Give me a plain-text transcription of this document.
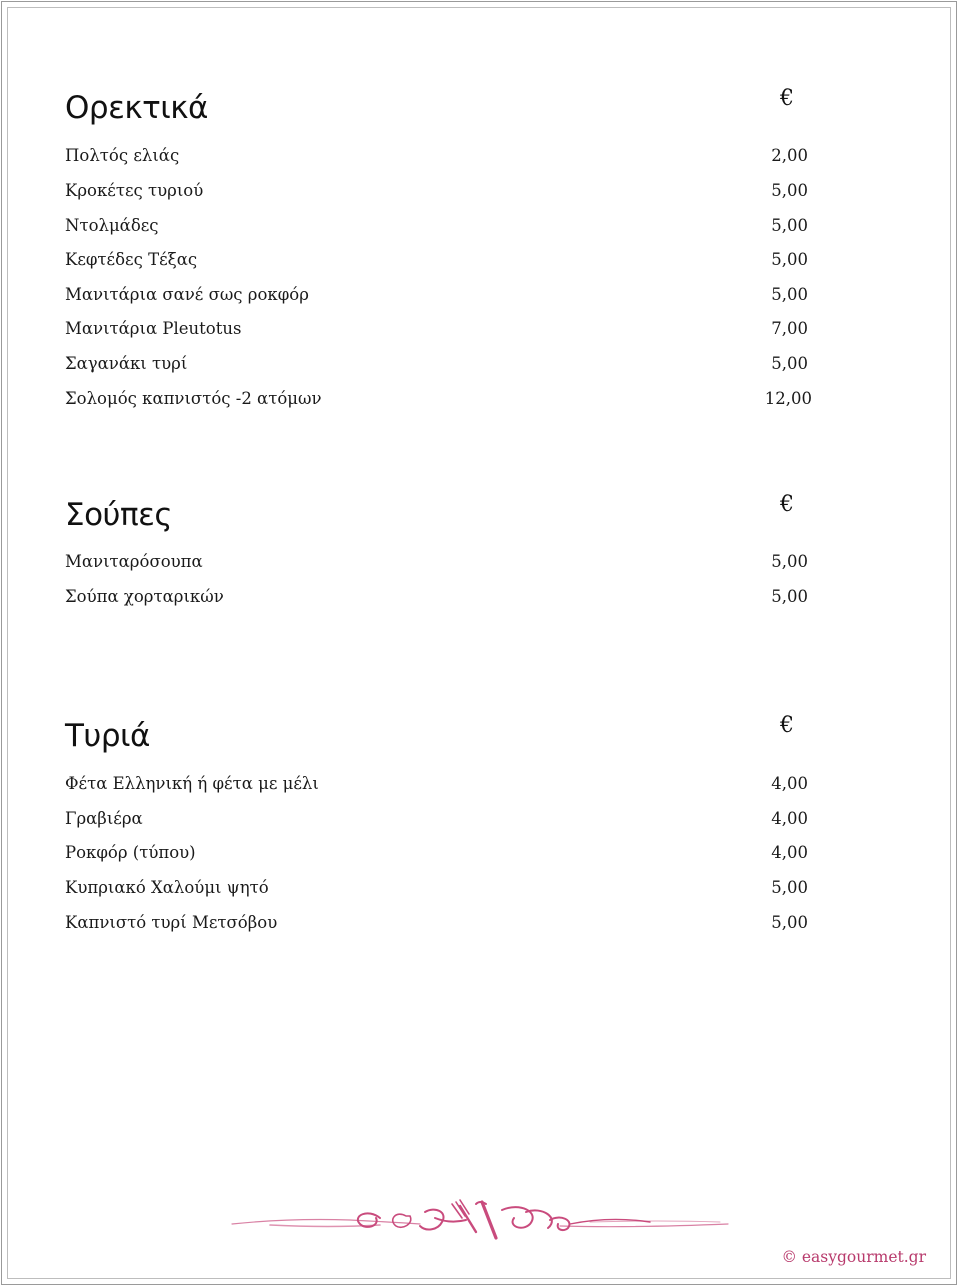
Ορεκτικά	€
Πολτός ελιάς	2,00
Κροκέτες τυριού	5,00
Ντολμάδες	5,00
Κεφτέδες Τέξας	5,00
Μανιτάρια σανέ σως ροκφόρ	5,00
Μανιτάρια Pleutotus	7,00
Σαγανάκι τυρί	5,00
Σολομός καπνιστός -2 ατόμων	12,00
Σούπες	€
Μανιταρόσουπα	5,00
Σούπα χορταρικών	5,00
Τυριά	€
Φέτα Ελληνική ή φέτα με μέλι	4,00
Γραβιέρα	4,00
Ροκφόρ (τύπου)	4,00
Κυπριακό Χαλούμι ψητό	5,00
Καπνιστό τυρί Μετσόβου	5,00
© easygourmet.gr
